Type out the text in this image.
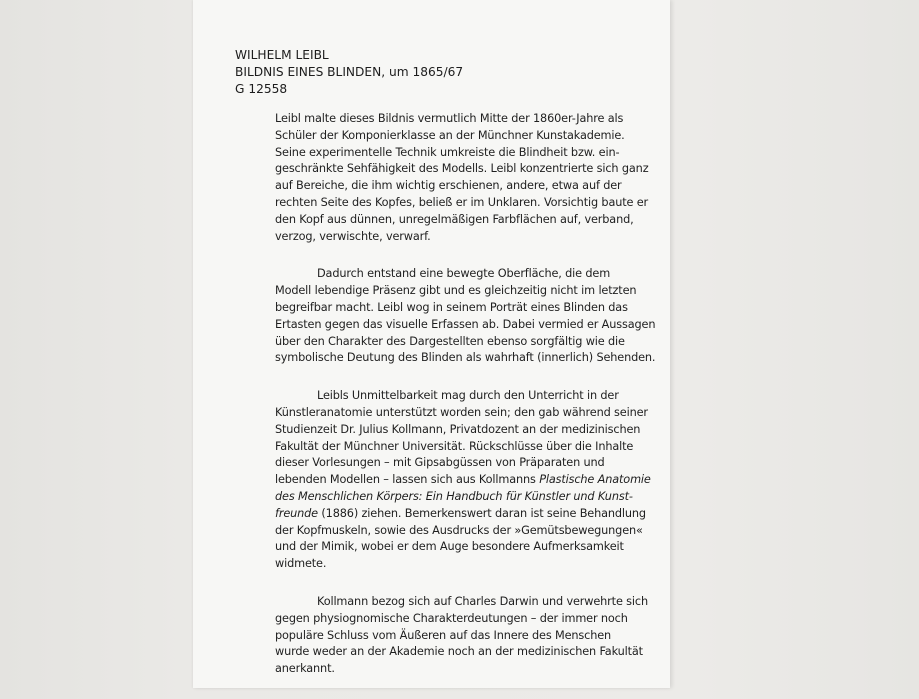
WILHELM LEIBL
BILDNIS EINES BLINDEN, um 1865/67
G 12558
Leibl malte dieses Bildnis vermutlich Mitte der 1860er-Jahre als
Schüler der Komponierklasse an der Münchner Kunstakademie.
Seine experimentelle Technik umkreiste die Blindheit bzw. ein-
geschränkte Sehfähigkeit des Modells. Leibl konzentrierte sich ganz
auf Bereiche, die ihm wichtig erschienen, andere, etwa auf der
rechten Seite des Kopfes, beließ er im Unklaren. Vorsichtig baute er
den Kopf aus dünnen, unregelmäßigen Farbflächen auf, verband,
verzog, verwischte, verwarf.
Dadurch entstand eine bewegte Oberfläche, die dem
Modell lebendige Präsenz gibt und es gleichzeitig nicht im letzten
begreifbar macht. Leibl wog in seinem Porträt eines Blinden das
Ertasten gegen das visuelle Erfassen ab. Dabei vermied er Aussagen
über den Charakter des Dargestellten ebenso sorgfältig wie die
symbolische Deutung des Blinden als wahrhaft (innerlich) Sehenden.
Leibls Unmittelbarkeit mag durch den Unterricht in der
Künstleranatomie unterstützt worden sein; den gab während seiner
Studienzeit Dr. Julius Kollmann, Privatdozent an der medizinischen
Fakultät der Münchner Universität. Rückschlüsse über die Inhalte
dieser Vorlesungen – mit Gipsabgüssen von Präparaten und
lebenden Modellen – lassen sich aus Kollmanns Plastische Anatomie
des Menschlichen Körpers: Ein Handbuch für Künstler und Kunst-
freunde (1886) ziehen. Bemerkenswert daran ist seine Behandlung
der Kopfmuskeln, sowie des Ausdrucks der »Gemütsbewegungen«
und der Mimik, wobei er dem Auge besondere Aufmerksamkeit
widmete.
Kollmann bezog sich auf Charles Darwin und verwehrte sich
gegen physiognomische Charakterdeutungen – der immer noch
populäre Schluss vom Äußeren auf das Innere des Menschen
wurde weder an der Akademie noch an der medizinischen Fakultät
anerkannt.
